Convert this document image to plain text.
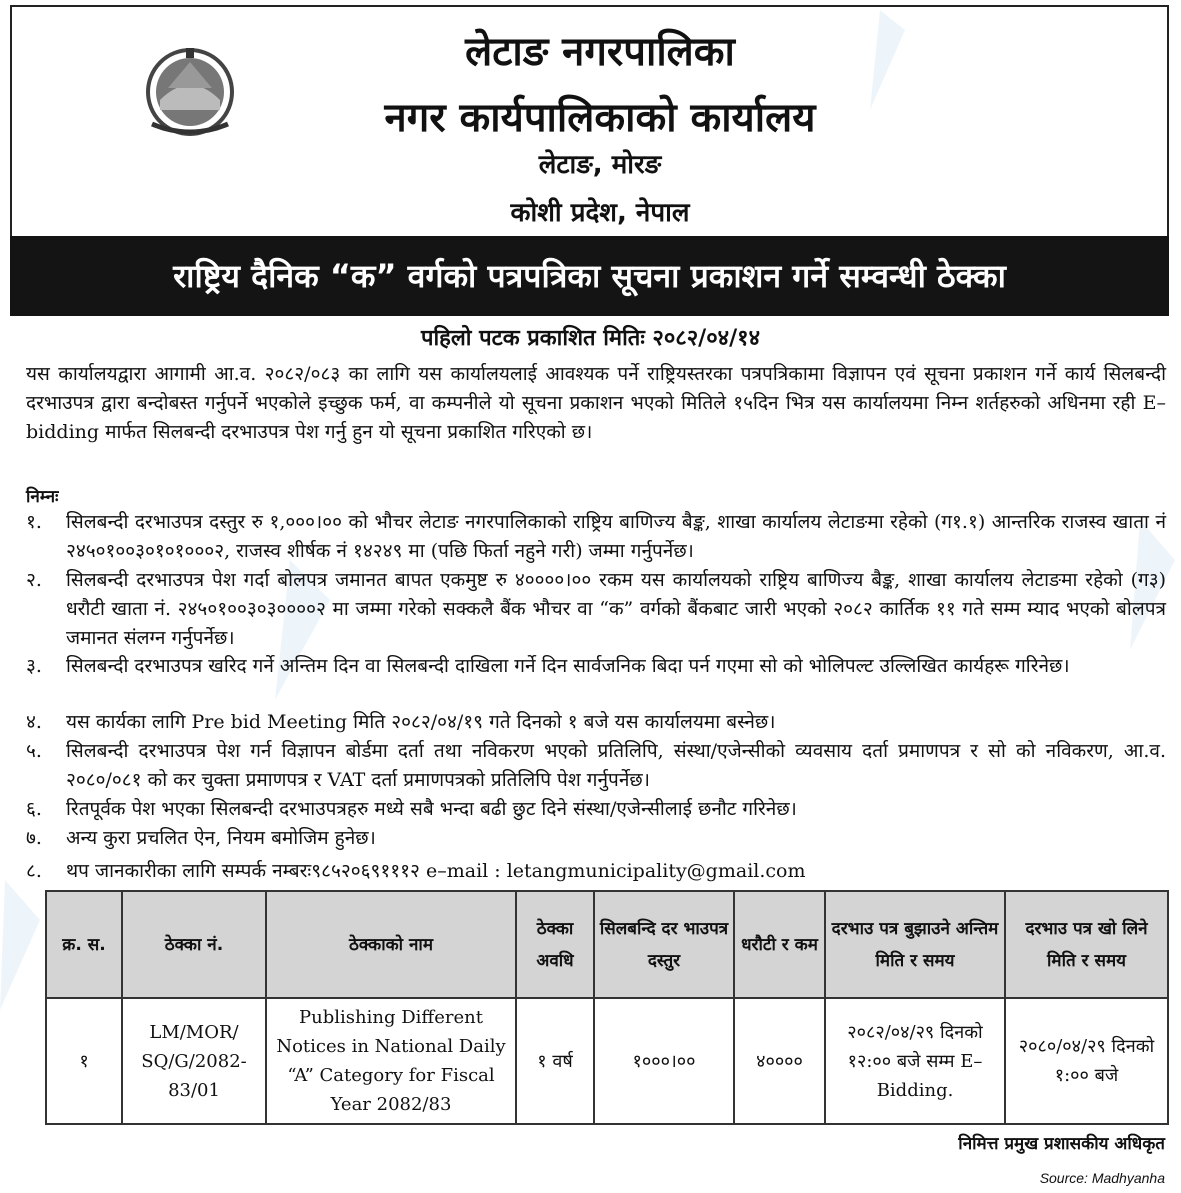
लेटाङ नगरपालिका
नगर कार्यपालिकाको कार्यालय
लेटाङ, मोरङ
कोशी प्रदेश, नेपाल
राष्ट्रिय दैनिक “क” वर्गको पत्रपत्रिका सूचना प्रकाशन गर्ने सम्वन्धी ठेक्का
पहिलो पटक प्रकाशित मितिः २०८२/०४/१४
यस कार्यालयद्वारा आगामी आ.व. २०८२/०८३ का लागि यस कार्यालयलाई आवश्यक पर्ने राष्ट्रियस्तरका पत्रपत्रिकामा विज्ञापन एवं सूचना प्रकाशन गर्ने कार्य सिलबन्दी दरभाउपत्र द्वारा बन्दोबस्त गर्नुपर्ने भएकोले इच्छुक फर्म, वा कम्पनीले यो सूचना प्रकाशन भएको मितिले १५दिन भित्र यस कार्यालयमा निम्न शर्तहरुको अधिनमा रही E–bidding मार्फत सिलबन्दी दरभाउपत्र पेश गर्नु हुन यो सूचना प्रकाशित गरिएको छ।
निम्नः
१.	सिलबन्दी दरभाउपत्र दस्तुर रु १,०००।०० को भौचर लेटाङ नगरपालिकाको राष्ट्रिय बाणिज्य बैङ्क, शाखा कार्यालय लेटाङमा रहेको (ग१.१) आन्तरिक राजस्व खाता नं २४५०१००३०१०१०००२, राजस्व शीर्षक नं १४२४९ मा (पछि फिर्ता नहुने गरी) जम्मा गर्नुपर्नेछ।
२.	सिलबन्दी दरभाउपत्र पेश गर्दा बोलपत्र जमानत बापत एकमुष्ट रु ४००००।०० रकम यस कार्यालयको राष्ट्रिय बाणिज्य बैङ्क, शाखा कार्यालय लेटाङमा रहेको (ग३) धरौटी खाता नं. २४५०१००३०३००००२ मा जम्मा गरेको सक्कलै बैंक भौचर वा “क” वर्गको बैंकबाट जारी भएको २०८२ कार्तिक ११ गते सम्म म्याद भएको बोलपत्र जमानत संलग्न गर्नुपर्नेछ।
३.	सिलबन्दी दरभाउपत्र खरिद गर्ने अन्तिम दिन वा सिलबन्दी दाखिला गर्ने दिन सार्वजनिक बिदा पर्न गएमा सो को भोलिपल्ट उल्लिखित कार्यहरू गरिनेछ।
४.	यस कार्यका लागि Pre bid Meeting मिति २०८२/०४/१९ गते दिनको १ बजे यस कार्यालयमा बस्नेछ।
५.	सिलबन्दी दरभाउपत्र पेश गर्न विज्ञापन बोर्डमा दर्ता तथा नविकरण भएको प्रतिलिपि, संस्था/एजेन्सीको व्यवसाय दर्ता प्रमाणपत्र र सो को नविकरण, आ.व. २०८०/०८१ को कर चुक्ता प्रमाणपत्र र VAT दर्ता प्रमाणपत्रको प्रतिलिपि पेश गर्नुपर्नेछ।
६.	रितपूर्वक पेश भएका सिलबन्दी दरभाउपत्रहरु मध्ये सबै भन्दा बढी छुट दिने संस्था/एजेन्सीलाई छनौट गरिनेछ।
७.	अन्य कुरा प्रचलित ऐन, नियम बमोजिम हुनेछ।
८.	थप जानकारीका लागि सम्पर्क नम्बरः९८५२०६९१११२ e–mail : letangmunicipality@gmail.com
क्र. स.	ठेक्का नं.	ठेक्काको नाम	ठेक्का अवधि	सिलबन्दि दर भाउपत्र दस्तुर	धरौटी र कम	दरभाउ पत्र बुझाउने अन्तिम मिति र समय	दरभाउ पत्र खो लिने मिति र समय
१	LM/MOR/ SQ/G/2082- 83/01	Publishing Different Notices in National Daily “A” Category for Fiscal Year 2082/83	१ वर्ष	१०००।००	४००००	२०८२/०४/२९ दिनको १२:०० बजे सम्म E–Bidding.	२०८०/०४/२९ दिनको १:०० बजे
निमित्त प्रमुख प्रशासकीय अधिकृत
Source: Madhyanha
